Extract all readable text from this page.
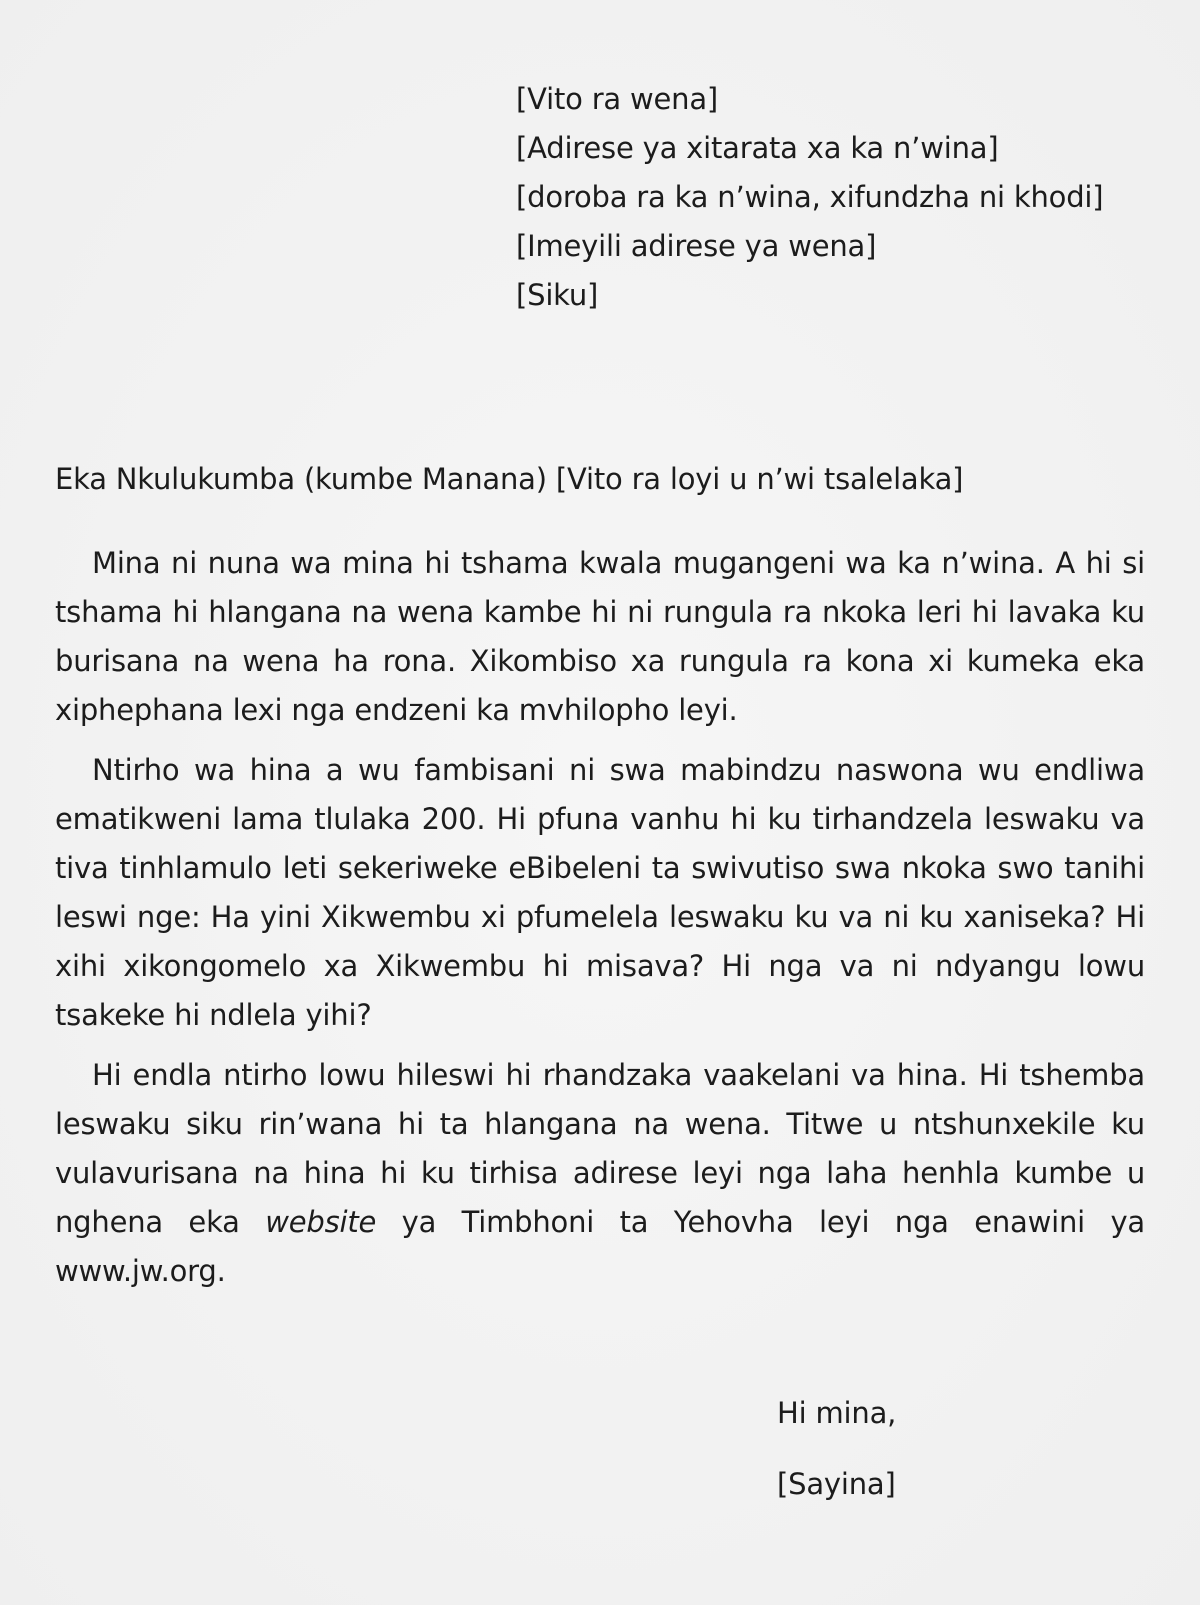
[Vito ra wena]
[Adirese ya xitarata xa ka n’wina]
[doroba ra ka n’wina, xifundzha ni khodi]
[Imeyili adirese ya wena]
[Siku]
Eka Nkulukumba (kumbe Manana) [Vito ra loyi u n’wi tsalelaka]

Mina ni nuna wa mina hi tshama kwala mugangeni wa ka n’wina. A hi si tshama hi hlangana na wena kambe hi ni rungula ra nkoka leri hi lavaka ku burisana na wena ha rona. Xikombiso xa rungula ra kona xi kumeka eka xiphephana lexi nga endzeni ka mvhilopho leyi.

Ntirho wa hina a wu fambisani ni swa mabindzu naswona wu endliwa ematikweni lama tlulaka 200. Hi pfuna vanhu hi ku tirhandzela leswaku va tiva tinhlamulo leti sekeriweke eBibeleni ta swivutiso swa nkoka swo tanihi leswi nge: Ha yini Xikwembu xi pfumelela leswaku ku va ni ku xaniseka? Hi xihi xikongomelo xa Xikwembu hi misava? Hi nga va ni ndyangu lowu tsakeke hi ndlela yihi?

Hi endla ntirho lowu hileswi hi rhandzaka vaakelani va hina. Hi tshemba leswaku siku rin’wana hi ta hlangana na wena. Titwe u ntshunxekile ku vulavurisana na hina hi ku tirhisa adirese leyi nga laha henhla kumbe u nghena eka website ya Timbhoni ta Yehovha leyi nga enawini ya www.jw.org.

Hi mina,
[Sayina]
